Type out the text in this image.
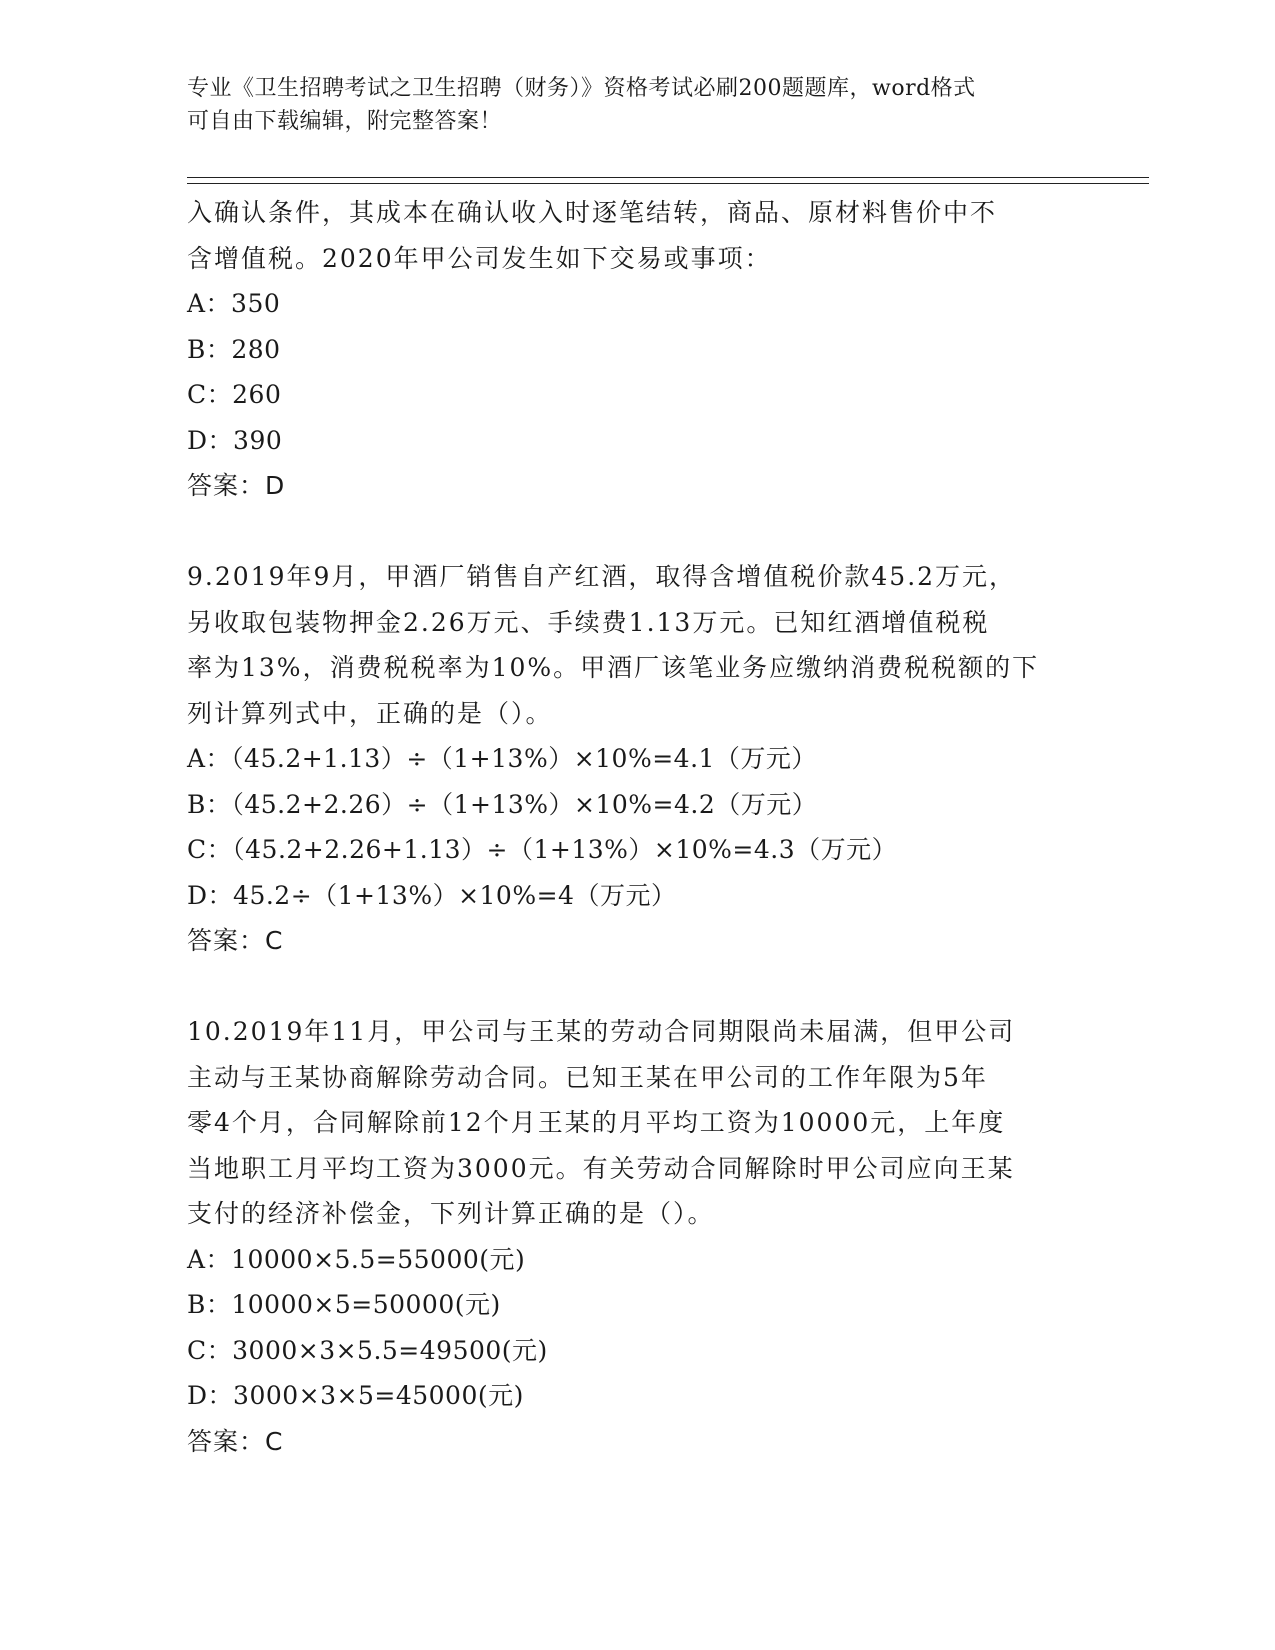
专业《卫生招聘考试之卫生招聘（财务）》资格考试必刷200题题库，word格式
可自由下载编辑，附完整答案！
入确认条件，其成本在确认收入时逐笔结转，商品、原材料售价中不
含增值税。2020年甲公司发生如下交易或事项：
A：350
B：280
C：260
D：390
答案：D
9.2019年9月，甲酒厂销售自产红酒，取得含增值税价款45.2万元，
另收取包装物押金2.26万元、手续费1.13万元。已知红酒增值税税
率为13%，消费税税率为10%。甲酒厂该笔业务应缴纳消费税税额的下
列计算列式中，正确的是（）。
A：（45.2+1.13）÷（1+13%）×10%=4.1（万元）
B：（45.2+2.26）÷（1+13%）×10%=4.2（万元）
C：（45.2+2.26+1.13）÷（1+13%）×10%=4.3（万元）
D：45.2÷（1+13%）×10%=4（万元）
答案：C
10.2019年11月，甲公司与王某的劳动合同期限尚未届满，但甲公司
主动与王某协商解除劳动合同。已知王某在甲公司的工作年限为5年
零4个月，合同解除前12个月王某的月平均工资为10000元，上年度
当地职工月平均工资为3000元。有关劳动合同解除时甲公司应向王某
支付的经济补偿金，下列计算正确的是（）。
A：10000×5.5=55000(元)
B：10000×5=50000(元)
C：3000×3×5.5=49500(元)
D：3000×3×5=45000(元)
答案：C
